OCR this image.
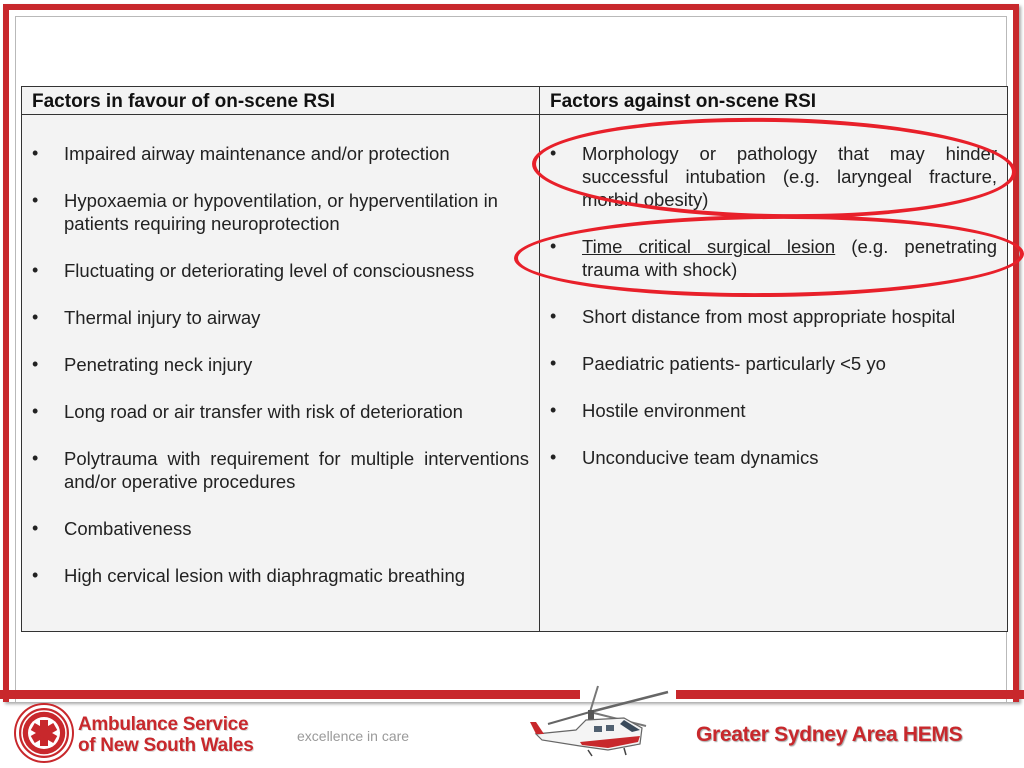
Factors in favour of on-scene RSI
• Impaired airway maintenance and/or protection
• Hypoxaemia or hypoventilation, or hyperventilation in patients requiring neuroprotection
• Fluctuating or deteriorating level of consciousness
• Thermal injury to airway
• Penetrating neck injury
• Long road or air transfer with risk of deterioration
• Polytrauma with requirement for multiple interventions and/or operative procedures
• Combativeness
• High cervical lesion with diaphragmatic breathing
Factors against on-scene RSI
• Morphology or pathology that may hinder successful intubation (e.g. laryngeal fracture, morbid obesity)
• Time critical surgical lesion (e.g. penetrating trauma with shock)
• Short distance from most appropriate hospital
• Paediatric patients- particularly <5 yo
• Hostile environment
• Unconducive team dynamics
Ambulance Service
of New South Wales	excellence in care	Greater Sydney Area HEMS
